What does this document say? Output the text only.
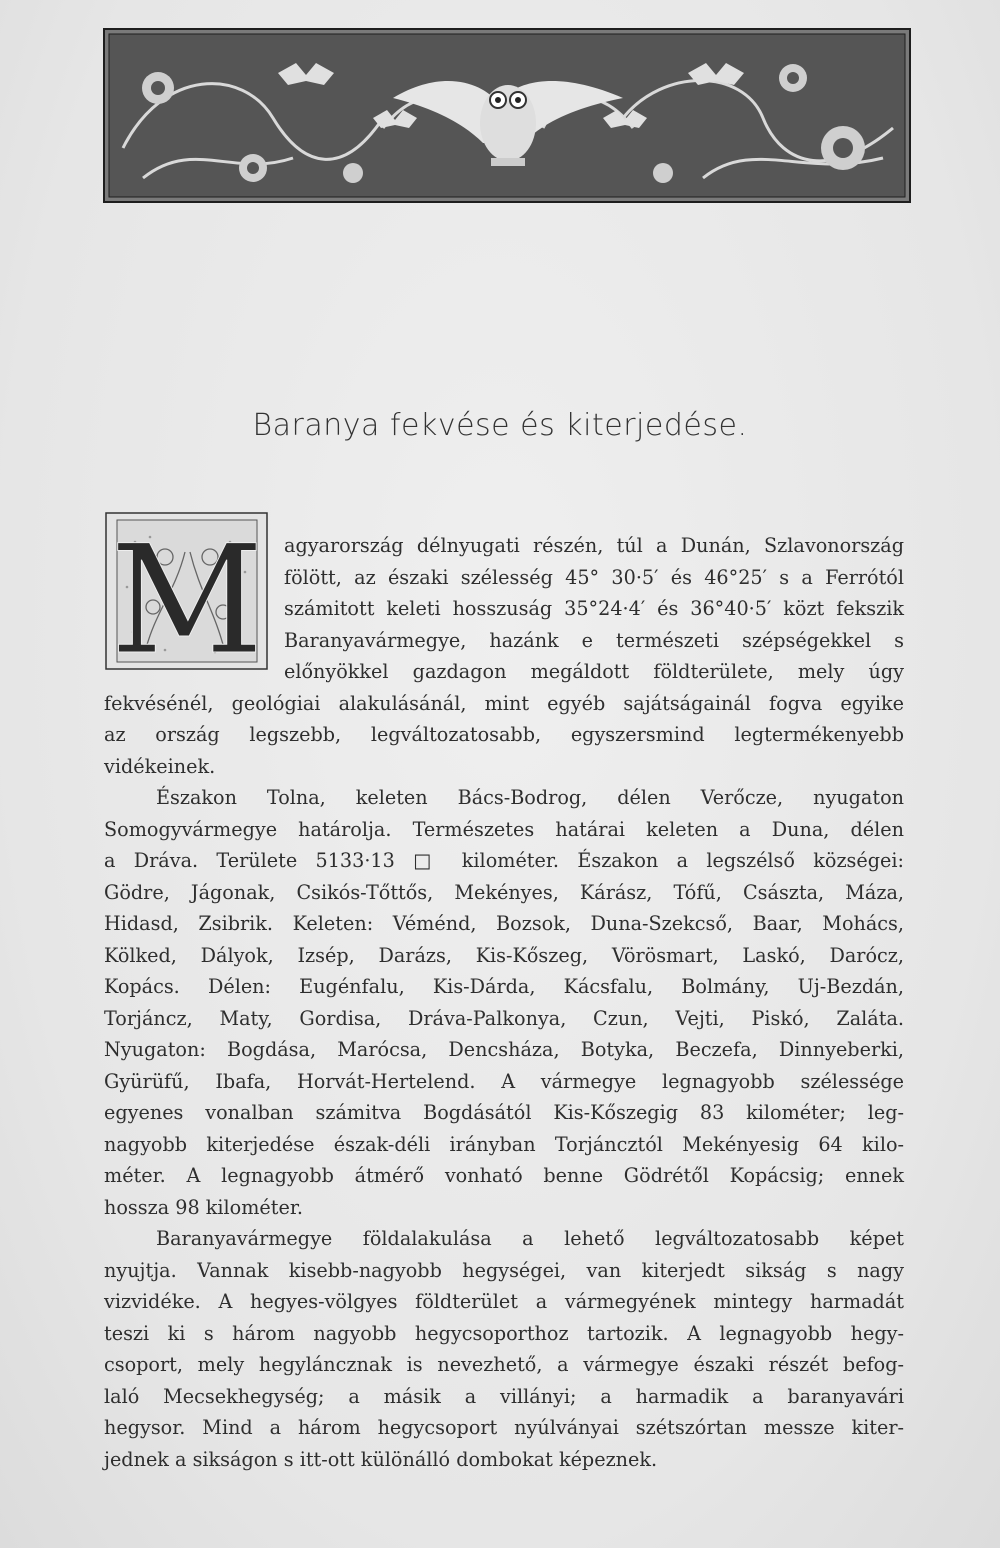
Baranya fekvése és kiterjedése.
M	agyarország délnyugati részén, túl a Dunán, Szlavonország
fölött, az északi szélesség 45° 30·5′ és 46°25′ s a Ferrótól
számitott keleti hosszuság 35°24·4′ és 36°40·5′ közt fekszik
Baranyavármegye, hazánk e természeti szépségekkel s
előnyökkel gazdagon megáldott földterülete, mely úgy
fekvésénél, geológiai alakulásánál, mint egyéb sajátságainál fogva egyike
az ország legszebb, legváltozatosabb, egyszersmind legtermékenyebb
vidékeinek.

Északon Tolna, keleten Bács-Bodrog, délen Verőcze, nyugaton
Somogyvármegye határolja. Természetes határai keleten a Duna, délen
a Dráva. Területe 5133·13 □ kilométer. Északon a legszélső községei:
Gödre, Jágonak, Csikós-Tőttős, Mekényes, Kárász, Tófű, Császta, Máza,
Hidasd, Zsibrik. Keleten: Véménd, Bozsok, Duna-Szekcső, Baar, Mohács,
Kölked, Dályok, Izsép, Darázs, Kis-Kőszeg, Vörösmart, Laskó, Darócz,
Kopács. Délen: Eugénfalu, Kis-Dárda, Kácsfalu, Bolmány, Uj-Bezdán,
Torjáncz, Maty, Gordisa, Dráva-Palkonya, Czun, Vejti, Piskó, Zaláta.
Nyugaton: Bogdása, Marócsa, Dencsháza, Botyka, Beczefa, Dinnyeberki,
Gyürüfű, Ibafa, Horvát-Hertelend. A vármegye legnagyobb szélessége
egyenes vonalban számitva Bogdásától Kis-Kőszegig 83 kilométer; leg-
nagyobb kiterjedése észak-déli irányban Torjáncztól Mekényesig 64 kilo-
méter. A legnagyobb átmérő vonható benne Gödrétől Kopácsig; ennek
hossza 98 kilométer.

Baranyavármegye földalakulása a lehető legváltozatosabb képet
nyujtja. Vannak kisebb-nagyobb hegységei, van kiterjedt sikság s nagy
vizvidéke. A hegyes-völgyes földterület a vármegyének mintegy harmadát
teszi ki s három nagyobb hegycsoporthoz tartozik. A legnagyobb hegy-
csoport, mely hegyláncznak is nevezhető, a vármegye északi részét befog-
laló Mecsekhegység; a másik a villányi; a harmadik a baranyavári
hegysor. Mind a három hegycsoport nyúlványai szétszórtan messze kiter-
jednek a sikságon s itt-ott különálló dombokat képeznek.
